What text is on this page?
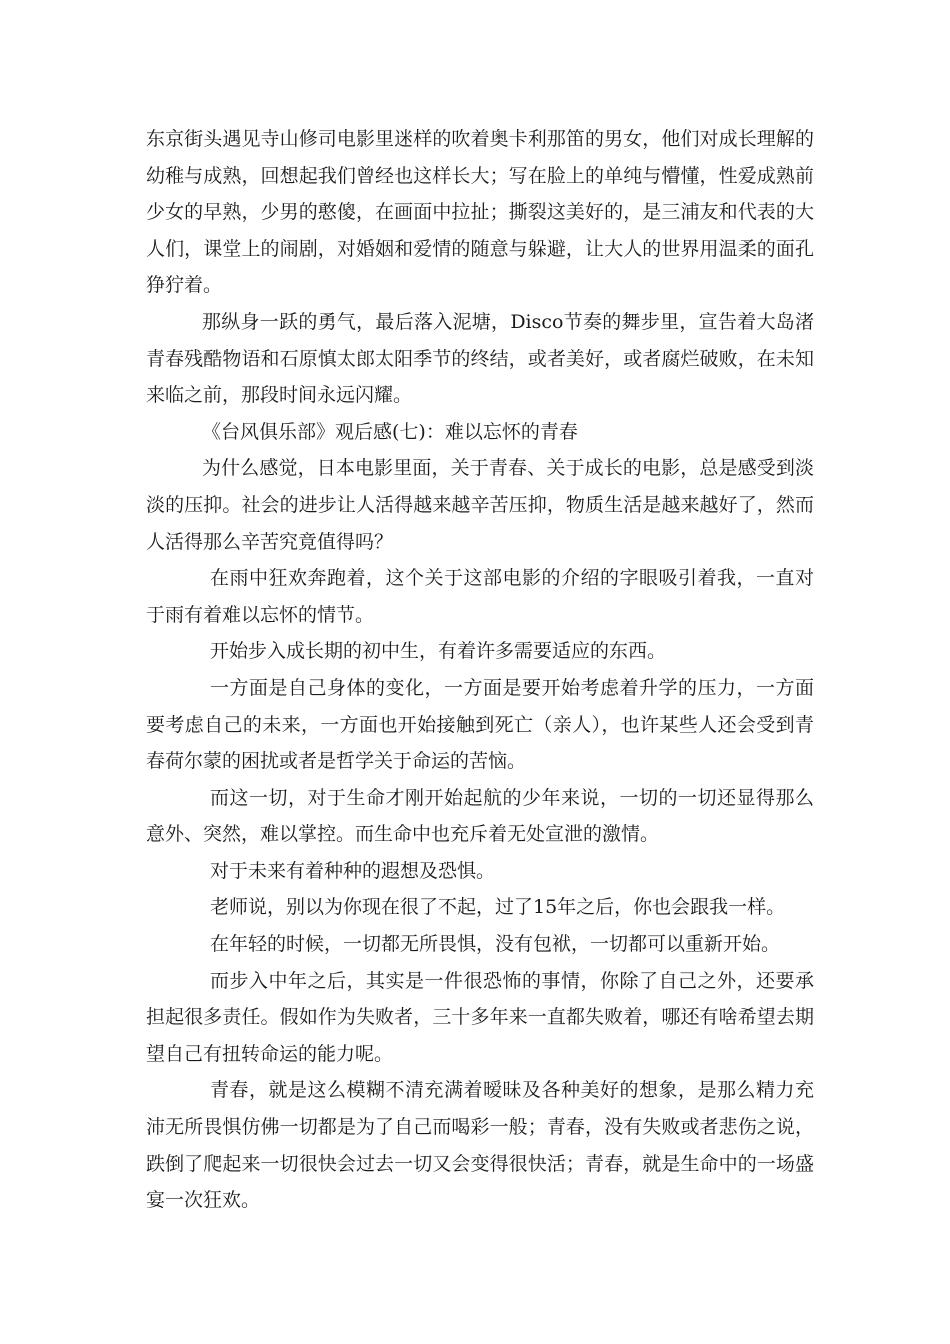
东京街头遇见寺山修司电影里迷样的吹着奥卡利那笛的男女，他们对成长理解的幼稚与成熟，回想起我们曾经也这样长大；写在脸上的单纯与懵懂，性爱成熟前少女的早熟，少男的憨傻，在画面中拉扯；撕裂这美好的，是三浦友和代表的大人们，课堂上的闹剧，对婚姻和爱情的随意与躲避，让大人的世界用温柔的面孔狰狞着。

那纵身一跃的勇气，最后落入泥塘，Disco节奏的舞步里，宣告着大岛渚青春残酷物语和石原慎太郎太阳季节的终结，或者美好，或者腐烂破败，在未知来临之前，那段时间永远闪耀。

《台风俱乐部》观后感(七)：难以忘怀的青春

为什么感觉，日本电影里面，关于青春、关于成长的电影，总是感受到淡淡的压抑。社会的进步让人活得越来越辛苦压抑，物质生活是越来越好了，然而人活得那么辛苦究竟值得吗？

在雨中狂欢奔跑着，这个关于这部电影的介绍的字眼吸引着我，一直对于雨有着难以忘怀的情节。

开始步入成长期的初中生，有着许多需要适应的东西。

一方面是自己身体的变化，一方面是要开始考虑着升学的压力，一方面要考虑自己的未来，一方面也开始接触到死亡（亲人），也许某些人还会受到青春荷尔蒙的困扰或者是哲学关于命运的苦恼。

而这一切，对于生命才刚开始起航的少年来说，一切的一切还显得那么意外、突然，难以掌控。而生命中也充斥着无处宣泄的激情。

对于未来有着种种的遐想及恐惧。

老师说，别以为你现在很了不起，过了15年之后，你也会跟我一样。

在年轻的时候，一切都无所畏惧，没有包袱，一切都可以重新开始。

而步入中年之后，其实是一件很恐怖的事情，你除了自己之外，还要承担起很多责任。假如作为失败者，三十多年来一直都失败着，哪还有啥希望去期望自己有扭转命运的能力呢。

青春，就是这么模糊不清充满着暧昧及各种美好的想象，是那么精力充沛无所畏惧仿佛一切都是为了自己而喝彩一般；青春，没有失败或者悲伤之说，跌倒了爬起来一切很快会过去一切又会变得很快活；青春，就是生命中的一场盛宴一次狂欢。
